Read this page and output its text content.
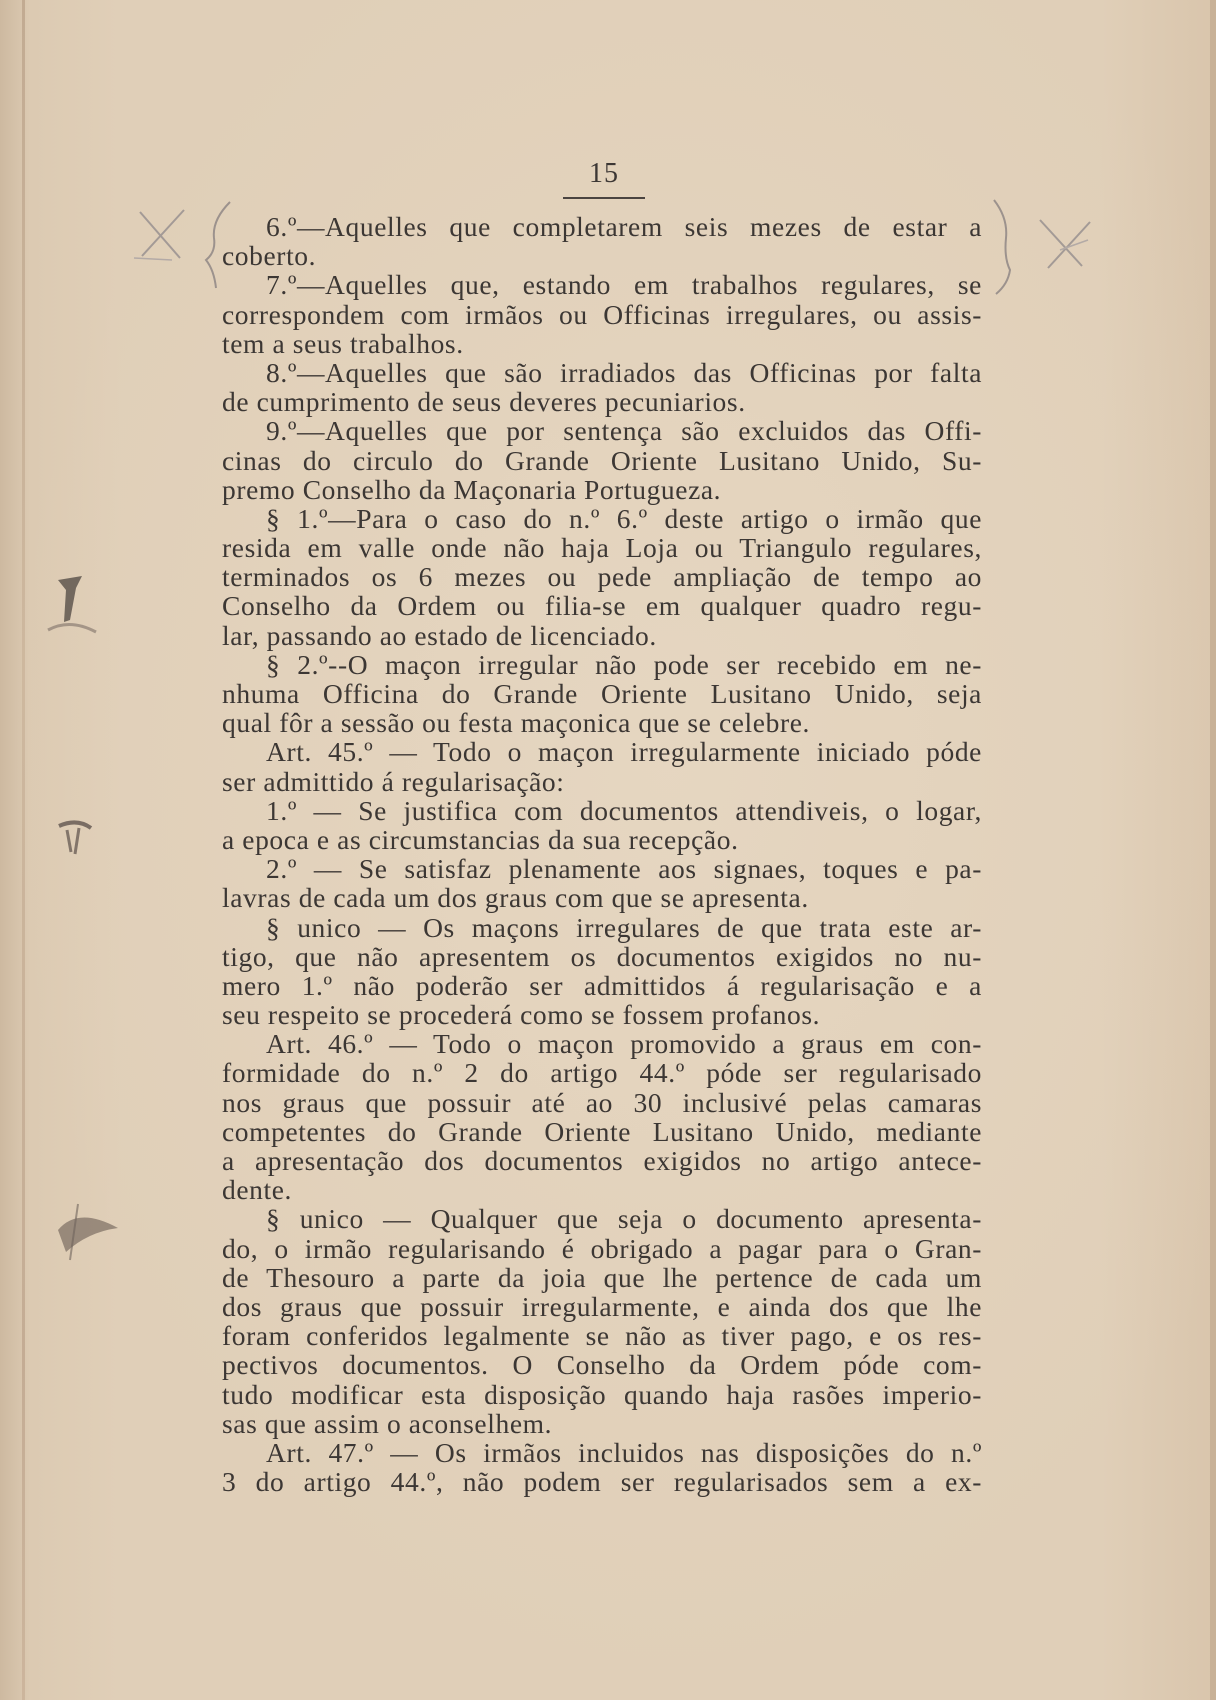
15
6.º—Aquelles que completarem seis mezes de estar a
coberto.
7.º—Aquelles que, estando em trabalhos regulares, se
correspondem com irmãos ou Officinas irregulares, ou assis-
tem a seus trabalhos.
8.º—Aquelles que são irradiados das Officinas por falta
de cumprimento de seus deveres pecuniarios.
9.º—Aquelles que por sentença são excluidos das Offi-
cinas do circulo do Grande Oriente Lusitano Unido, Su-
premo Conselho da Maçonaria Portugueza.
§ 1.º—Para o caso do n.º 6.º deste artigo o irmão que
resida em valle onde não haja Loja ou Triangulo regulares,
terminados os 6 mezes ou pede ampliação de tempo ao
Conselho da Ordem ou filia-se em qualquer quadro regu-
lar, passando ao estado de licenciado.
§ 2.º--O maçon irregular não pode ser recebido em ne-
nhuma Officina do Grande Oriente Lusitano Unido, seja
qual fôr a sessão ou festa maçonica que se celebre.
Art. 45.º — Todo o maçon irregularmente iniciado póde
ser admittido á regularisação:
1.º — Se justifica com documentos attendiveis, o logar,
a epoca e as circumstancias da sua recepção.
2.º — Se satisfaz plenamente aos signaes, toques e pa-
lavras de cada um dos graus com que se apresenta.
§ unico — Os maçons irregulares de que trata este ar-
tigo, que não apresentem os documentos exigidos no nu-
mero 1.º não poderão ser admittidos á regularisação e a
seu respeito se procederá como se fossem profanos.
Art. 46.º — Todo o maçon promovido a graus em con-
formidade do n.º 2 do artigo 44.º póde ser regularisado
nos graus que possuir até ao 30 inclusivé pelas camaras
competentes do Grande Oriente Lusitano Unido, mediante
a apresentação dos documentos exigidos no artigo antece-
dente.
§ unico — Qualquer que seja o documento apresenta-
do, o irmão regularisando é obrigado a pagar para o Gran-
de Thesouro a parte da joia que lhe pertence de cada um
dos graus que possuir irregularmente, e ainda dos que lhe
foram conferidos legalmente se não as tiver pago, e os res-
pectivos documentos. O Conselho da Ordem póde com-
tudo modificar esta disposição quando haja rasões imperio-
sas que assim o aconselhem.
Art. 47.º — Os irmãos incluidos nas disposições do n.º
3 do artigo 44.º, não podem ser regularisados sem a ex-
